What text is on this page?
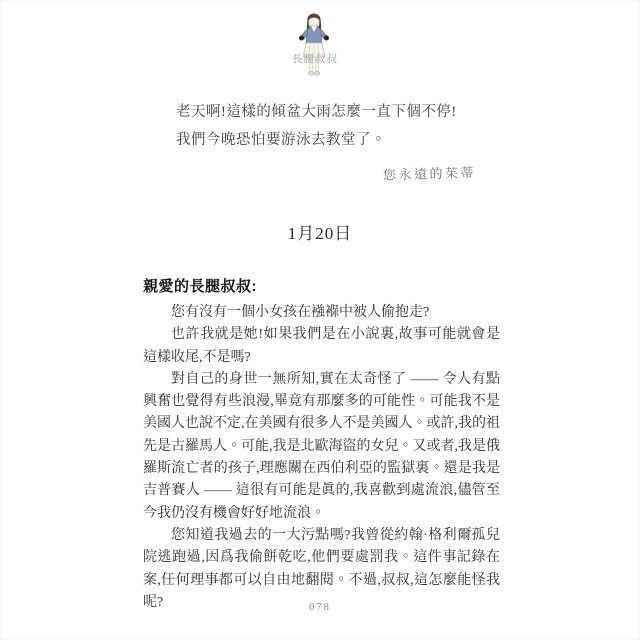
長腿叔叔

老天啊!這樣的傾盆大雨怎麼一直下個不停!

我們今晚恐怕要游泳去教堂了。

您永遠的茱蒂
1月20日
親愛的長腿叔叔:

您有沒有一個小女孩在襁褓中被人偷抱走?

也許我就是她!如果我們是在小說裏,故事可能就會是這樣收尾,不是嗎?

對自己的身世一無所知,實在太奇怪了 —— 令人有點興奮也覺得有些浪漫,畢竟有那麼多的可能性。可能我不是美國人也說不定,在美國有很多人不是美國人。或許,我的祖先是古羅馬人。可能,我是北歐海盜的女兒。又或者,我是俄羅斯流亡者的孩子,理應關在西伯利亞的監獄裏。還是我是吉普賽人 —— 這很有可能是眞的,我喜歡到處流浪,儘管至今我仍沒有機會好好地流浪。

您知道我過去的一大污點嗎?我曾從約翰·格利爾孤兒院逃跑過,因爲我偷餅乾吃,他們要處罰我。這件事記錄在案,任何理事都可以自由地翻閱。不過,叔叔,這怎麼能怪我呢?	078
